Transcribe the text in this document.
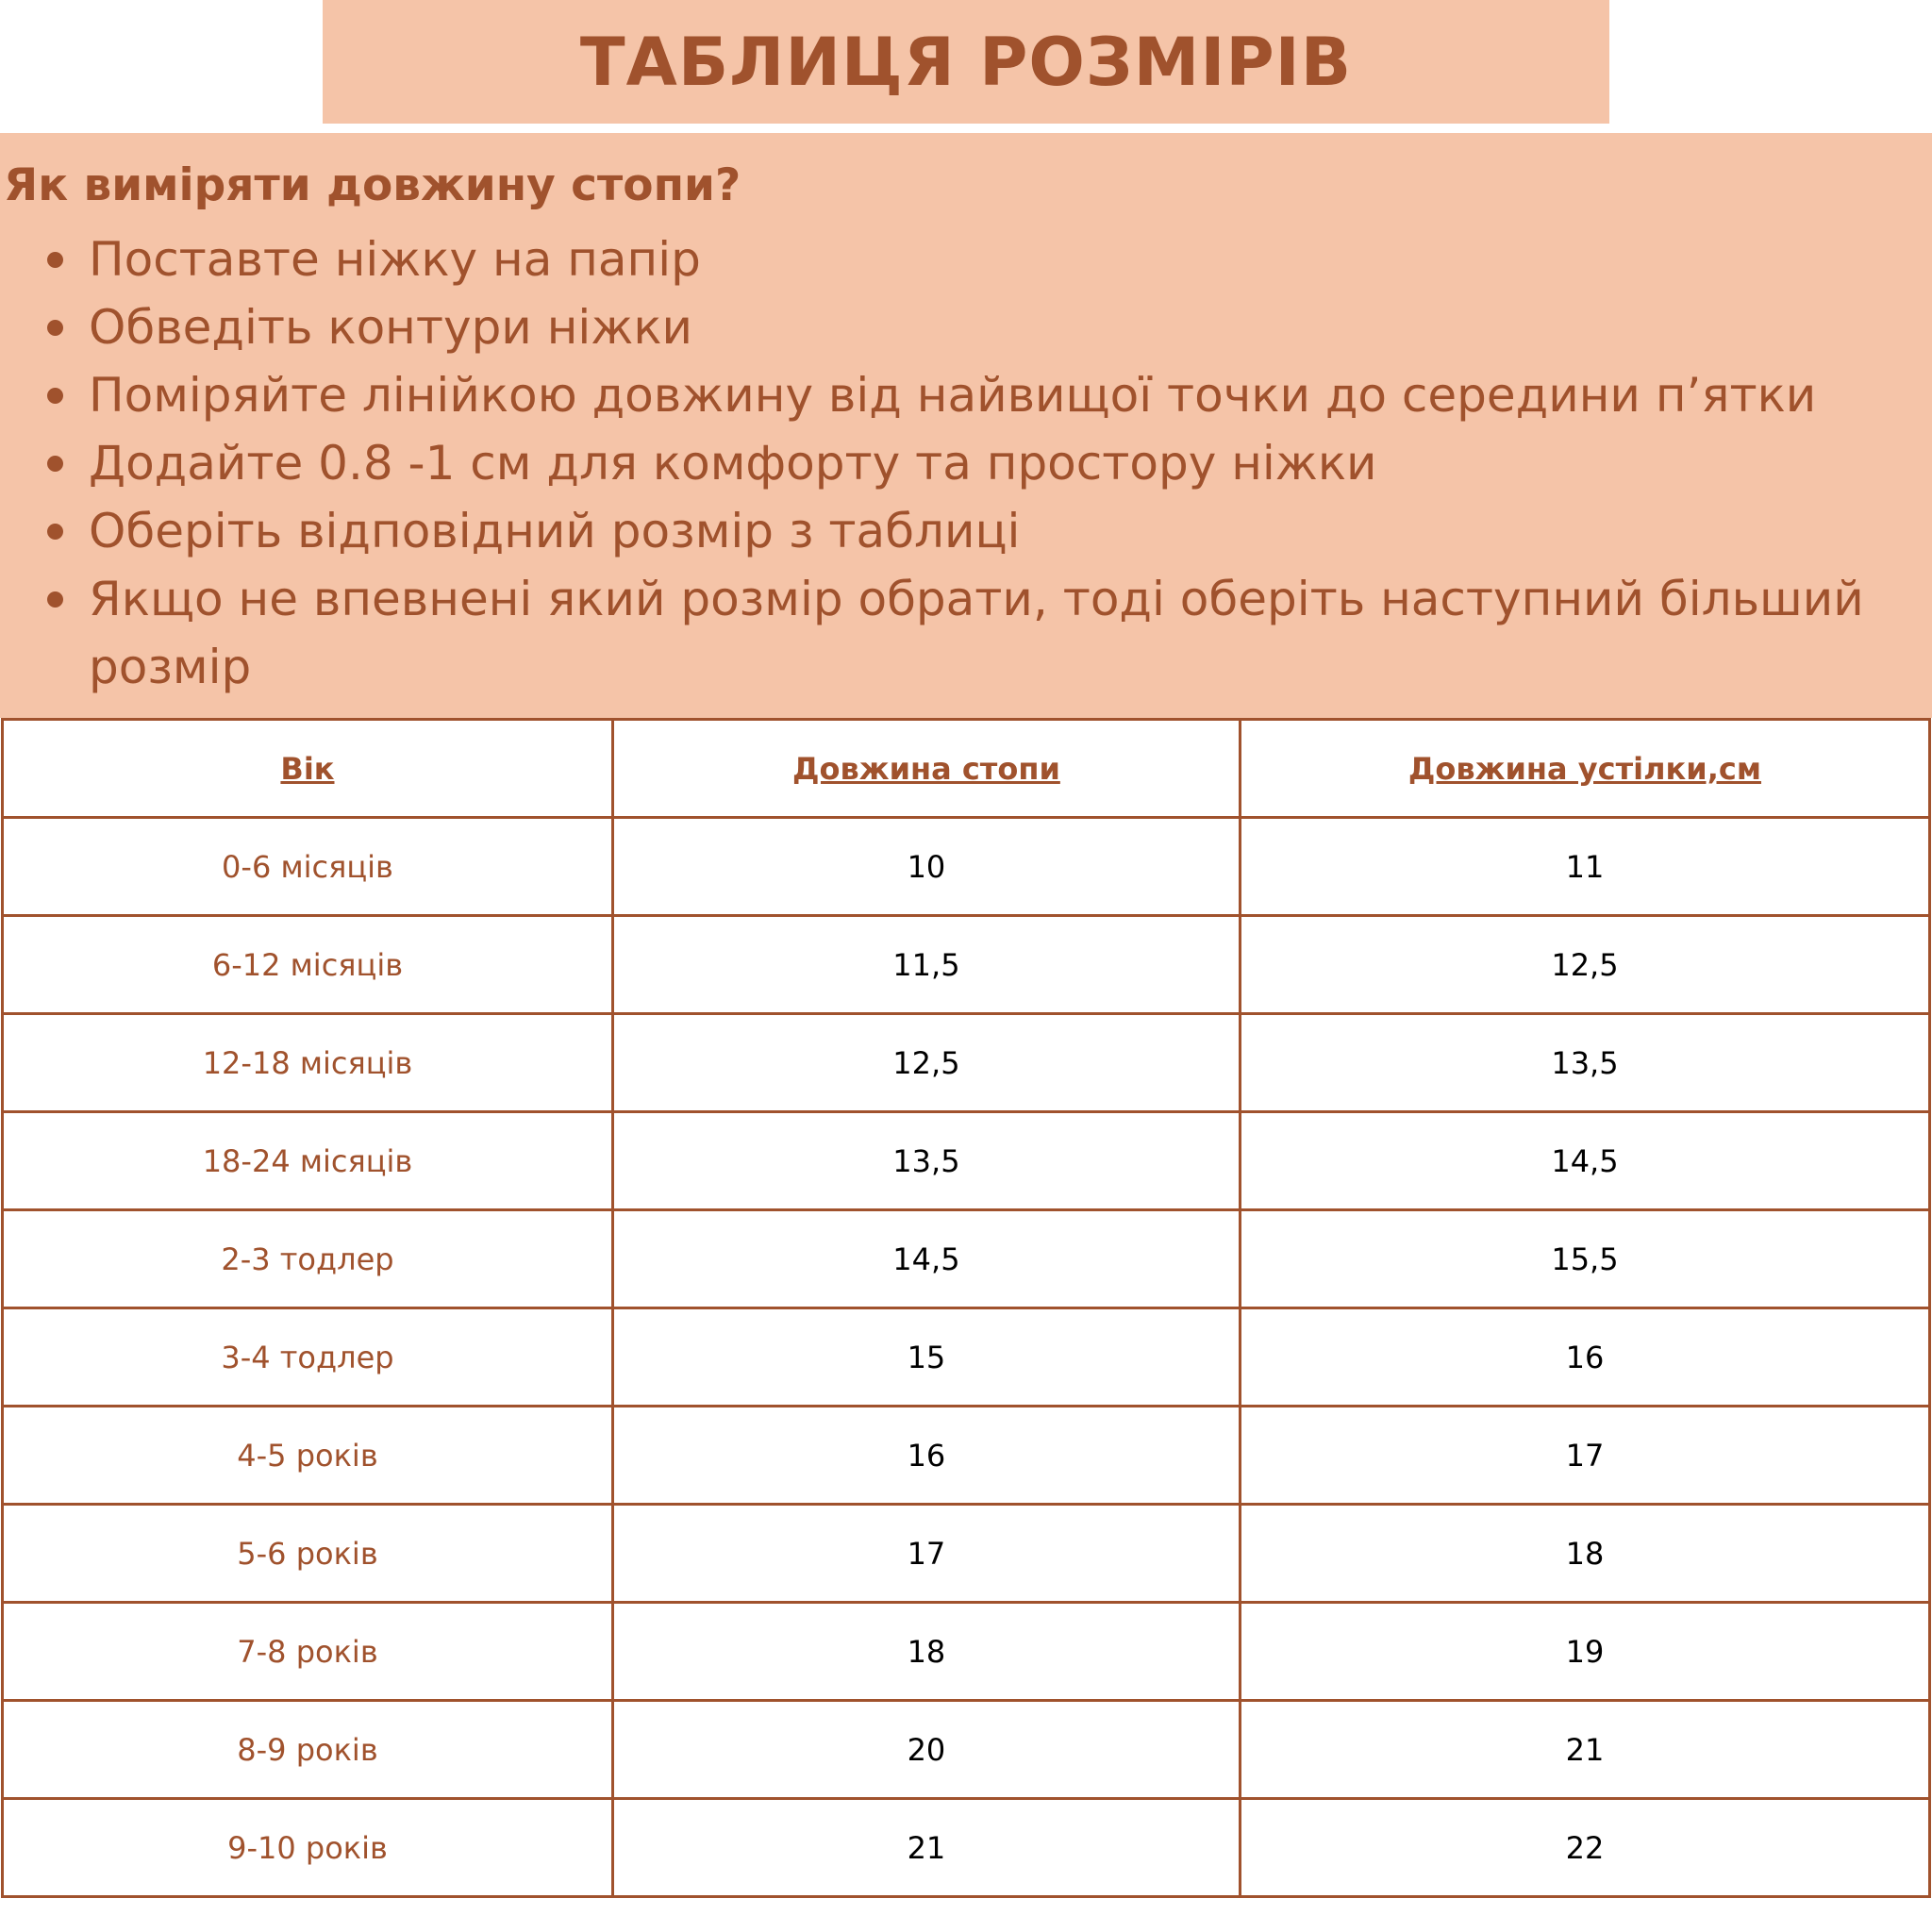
ТАБЛИЦЯ РОЗМІРІВ
Як виміряти довжину стопи?
Поставте ніжку на папір
Обведіть контури ніжки
Поміряйте лінійкою довжину від найвищої точки до середини п’ятки
Додайте 0.8 -1 см для комфорту та простору ніжки
Оберіть відповідний розмір з таблиці
Якщо не впевнені який розмір обрати, тоді оберіть наступний більший розмір
Вік	Довжина стопи	Довжина устілки,см
0-6 місяців	10	11
6-12 місяців	11,5	12,5
12-18 місяців	12,5	13,5
18-24 місяців	13,5	14,5
2-3 тодлер	14,5	15,5
3-4 тодлер	15	16
4-5 років	16	17
5-6 років	17	18
7-8 років	18	19
8-9 років	20	21
9-10 років	21	22
